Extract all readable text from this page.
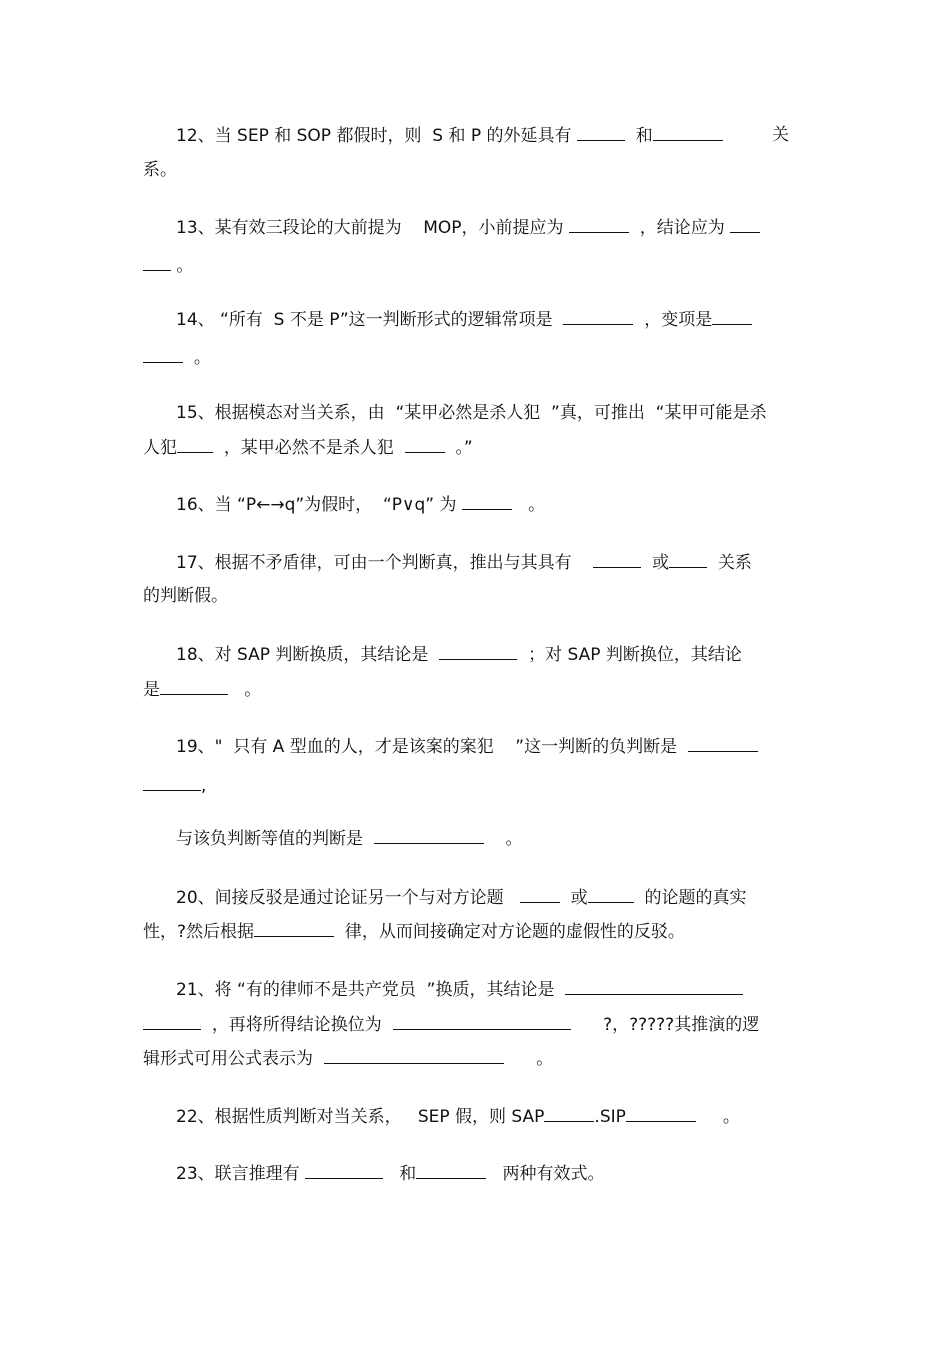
12、当 SEP 和 SOP 都假时，则  S 和 P 的外延具有	和	关
系。
13、某有效三段论的大前提为    MOP，小前提应为	，结论应为
。
14、 “所有  S 不是 P”这一判断形式的逻辑常项是	，变项是
。
15、根据模态对当关系，由  “某甲必然是杀人犯  ”真，可推出  “某甲可能是杀
人犯	，某甲必然不是杀人犯	。”
16、当 “P←→q”为假时，  “P∨q” 为	。
17、根据不矛盾律，可由一个判断真，推出与其具有	或	关系
的判断假。
18、对 SAP 判断换质，其结论是	；对 SAP 判断换位，其结论
是	。
19、"  只有 A 型血的人，才是该案的案犯    ”这一判断的负判断是
,
与该负判断等值的判断是	。
20、间接反驳是通过论证另一个与对方论题	或	的论题的真实
性，?然后根据	律，从而间接确定对方论题的虚假性的反驳。
21、将 “有的律师不是共产党员  ”换质，其结论是
，再将所得结论换位为	?，?????其推演的逻
辑形式可用公式表示为	。
22、根据性质判断对当关系，   SEP 假，则 SAP	.SIP	。
23、联言推理有	和	两种有效式。
